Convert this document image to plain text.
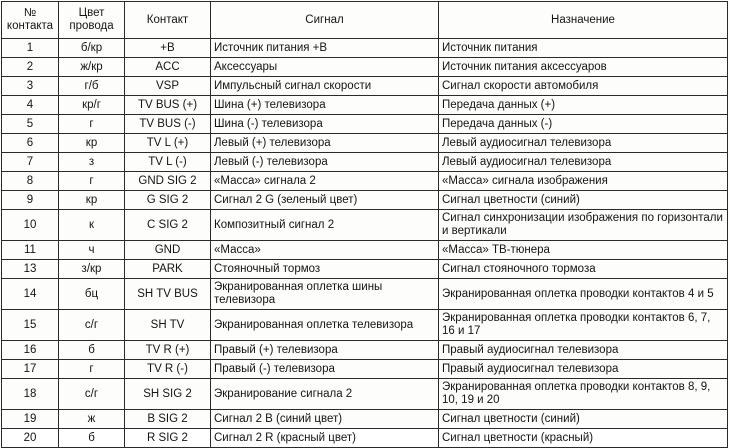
№ контакта	Цвет провода	Контакт	Сигнал	Назначение
1	б/кр	+B	Источник питания +B	Источник питания
2	ж/кр	ACC	Аксессуары	Источник питания аксессуаров
3	г/б	VSP	Импульсный сигнал скорости	Сигнал скорости автомобиля
4	кр/г	TV BUS (+)	Шина (+) телевизора	Передача данных (+)
5	г	TV BUS (-)	Шина (-) телевизора	Передача данных (-)
6	кр	TV L (+)	Левый (+) телевизора	Левый аудиосигнал телевизора
7	з	TV L (-)	Левый (-) телевизора	Левый аудиосигнал телевизора
8	г	GND SIG 2	«Масса» сигнала 2	«Масса» сигнала изображения
9	кр	G SIG 2	Сигнал 2 G (зеленый цвет)	Сигнал цветности (синий)
10	к	C SIG 2	Композитный сигнал 2	Сигнал синхронизации изображения по горизонтали и вертикали
11	ч	GND	«Масса»	«Масса» ТВ-тюнера
13	з/кр	PARK	Стояночный тормоз	Сигнал стояночного тормоза
14	бц	SH TV BUS	Экранированная оплетка шины телевизора	Экранированная оплетка проводки контактов 4 и 5
15	с/г	SH TV	Экранированная оплетка телевизора	Экранированная оплетка проводки контактов 6, 7, 16 и 17
16	б	TV R (+)	Правый (+) телевизора	Правый аудиосигнал телевизора
17	г	TV R (-)	Правый (-) телевизора	Правый аудиосигнал телевизора
18	с/г	SH SIG 2	Экранирование сигнала 2	Экранированная оплетка проводки контактов 8, 9, 10, 19 и 20
19	ж	B SIG 2	Сигнал 2 B (синий цвет)	Сигнал цветности (синий)
20	б	R SIG 2	Сигнал 2 R (красный цвет)	Сигнал цветности (красный)
